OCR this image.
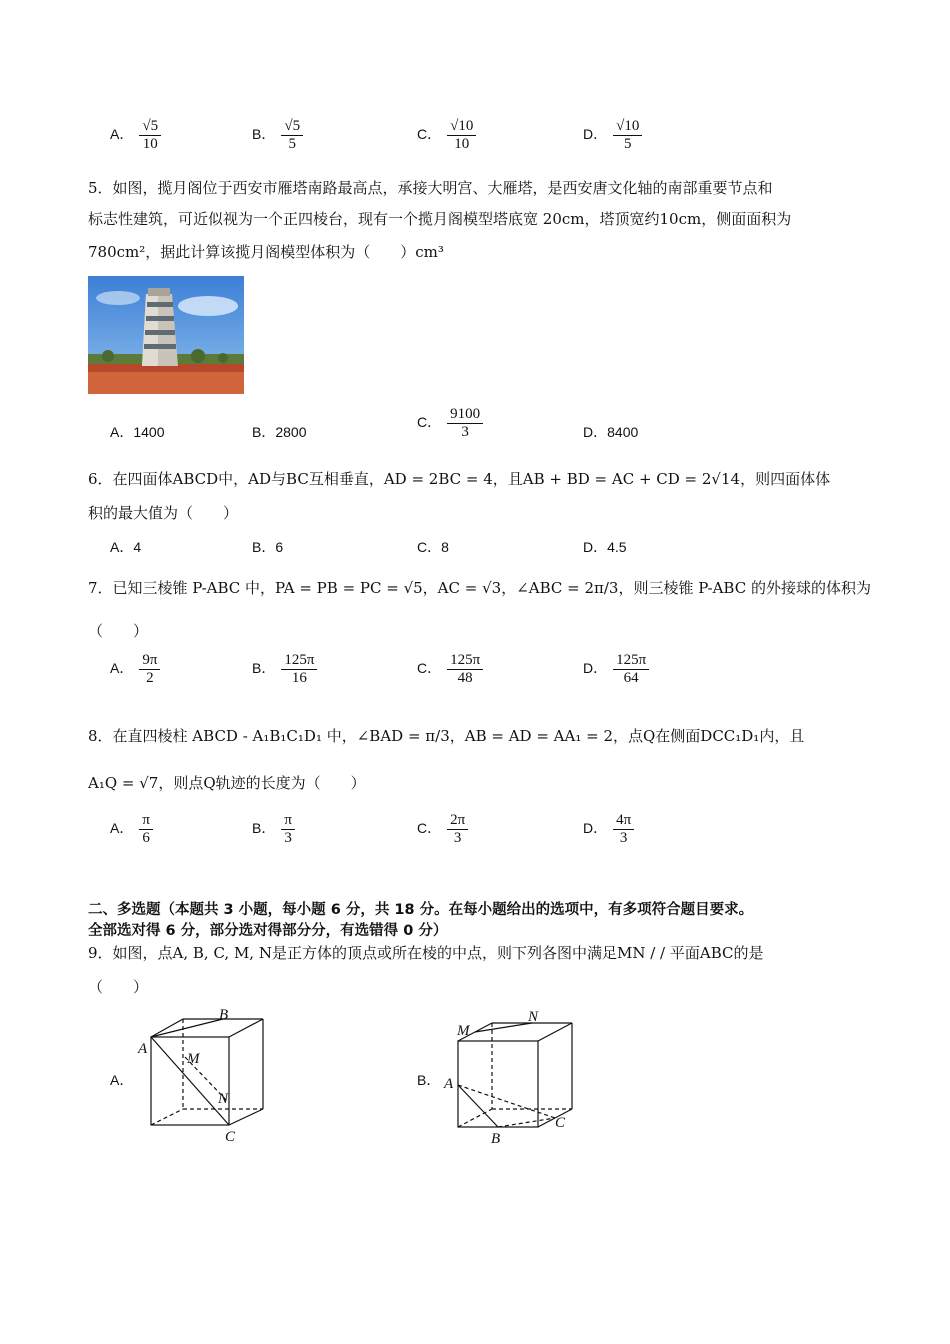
A． $\frac{√5}{10}$	B． $\frac{√5}{5}$	C． $\frac{√10}{10}$	D． $\frac{√10}{5}$
5．如图，揽月阁位于西安市雁塔南路最高点，承接大明宫、大雁塔，是西安唐文化轴的南部重要节点和
标志性建筑，可近似视为一个正四棱台，现有一个揽月阁模型塔底宽 20cm，塔顶宽约10cm，侧面面积为
780cm²，据此计算该揽月阁模型体积为（　　）cm³
A．1400	B．2800
C． $\frac{9100}{3}$	D．8400
6．在四面体ABCD中，AD与BC互相垂直，AD = 2BC = 4，且AB + BD = AC + CD = 2√14，则四面体体
积的最大值为（　　）
A．4	B．6	C．8	D．4.5
7．已知三棱锥 P-ABC 中，PA = PB = PC = √5，AC = √3，∠ABC = 2π/3，则三棱锥 P-ABC 的外接球的体积为
（　　）
A． $\frac{9\pi}{2}$	B． $\frac{125\pi}{16}$	C． $\frac{125\pi}{48}$	D． $\frac{125\pi}{64}$
8．在直四棱柱 ABCD - A₁B₁C₁D₁ 中，∠BAD = π/3，AB = AD = AA₁ = 2，点Q在侧面DCC₁D₁内，且
A₁Q = √7，则点Q轨迹的长度为（　　）
A． $\frac{\pi}{6}$	B． $\frac{\pi}{3}$	C． $\frac{2\pi}{3}$	D． $\frac{4\pi}{3}$
二、多选题（本题共 3 小题，每小题 6 分，共 18 分。在每小题给出的选项中，有多项符合题目要求。
全部选对得 6 分，部分选对得部分分，有选错得 0 分）
9．如图，点A, B, C, M, N是正方体的顶点或所在棱的中点，则下列各图中满足MN / / 平面ABC的是
（　　）
A．
A
B
C
M
N
B． A
B
C
M
N
